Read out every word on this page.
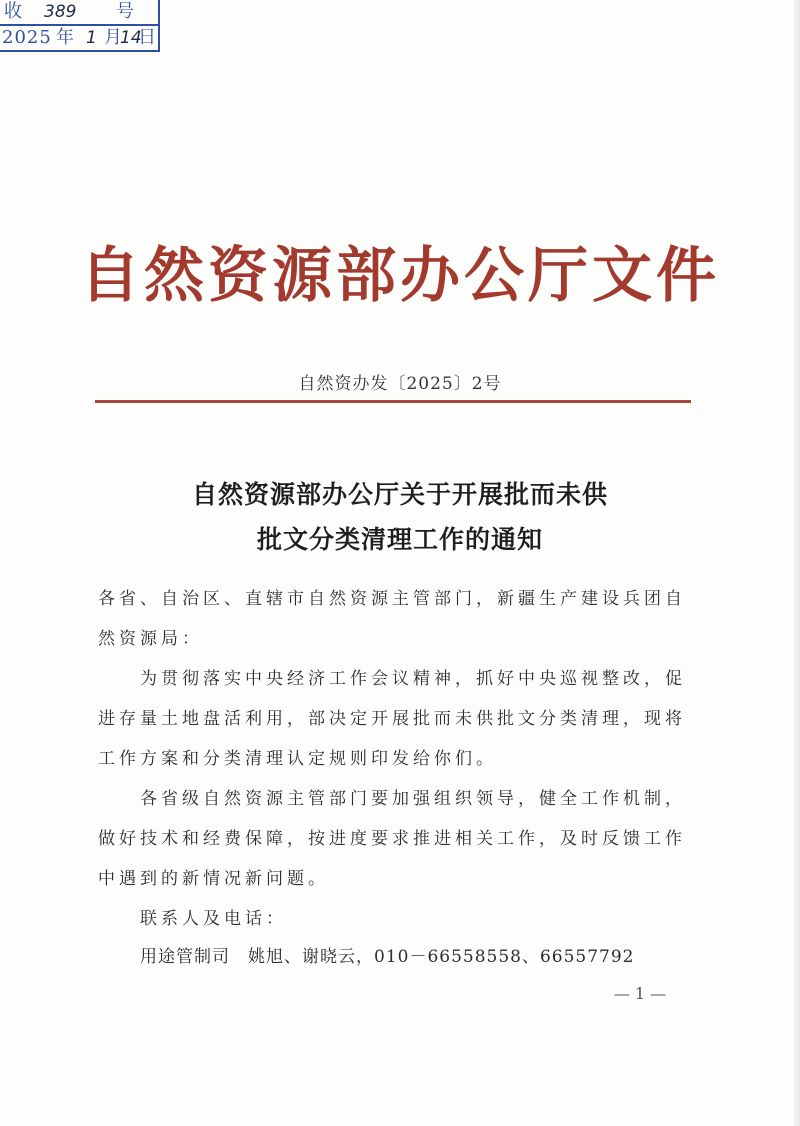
收 389 号
2025 年 1 月
14
日
自然资源部办公厅文件
自然资办发〔2025〕2号
自然资源部办公厅关于开展批而未供
批文分类清理工作的通知
各省、自治区、直辖市自然资源主管部门，新疆生产建设兵团自
然资源局：
为贯彻落实中央经济工作会议精神，抓好中央巡视整改，促
进存量土地盘活利用，部决定开展批而未供批文分类清理，现将
工作方案和分类清理认定规则印发给你们。
各省级自然资源主管部门要加强组织领导，健全工作机制，
做好技术和经费保障，按进度要求推进相关工作，及时反馈工作
中遇到的新情况新问题。
联系人及电话：
用途管制司　姚旭、谢晓云，010－66558558、66557792
— 1 —
